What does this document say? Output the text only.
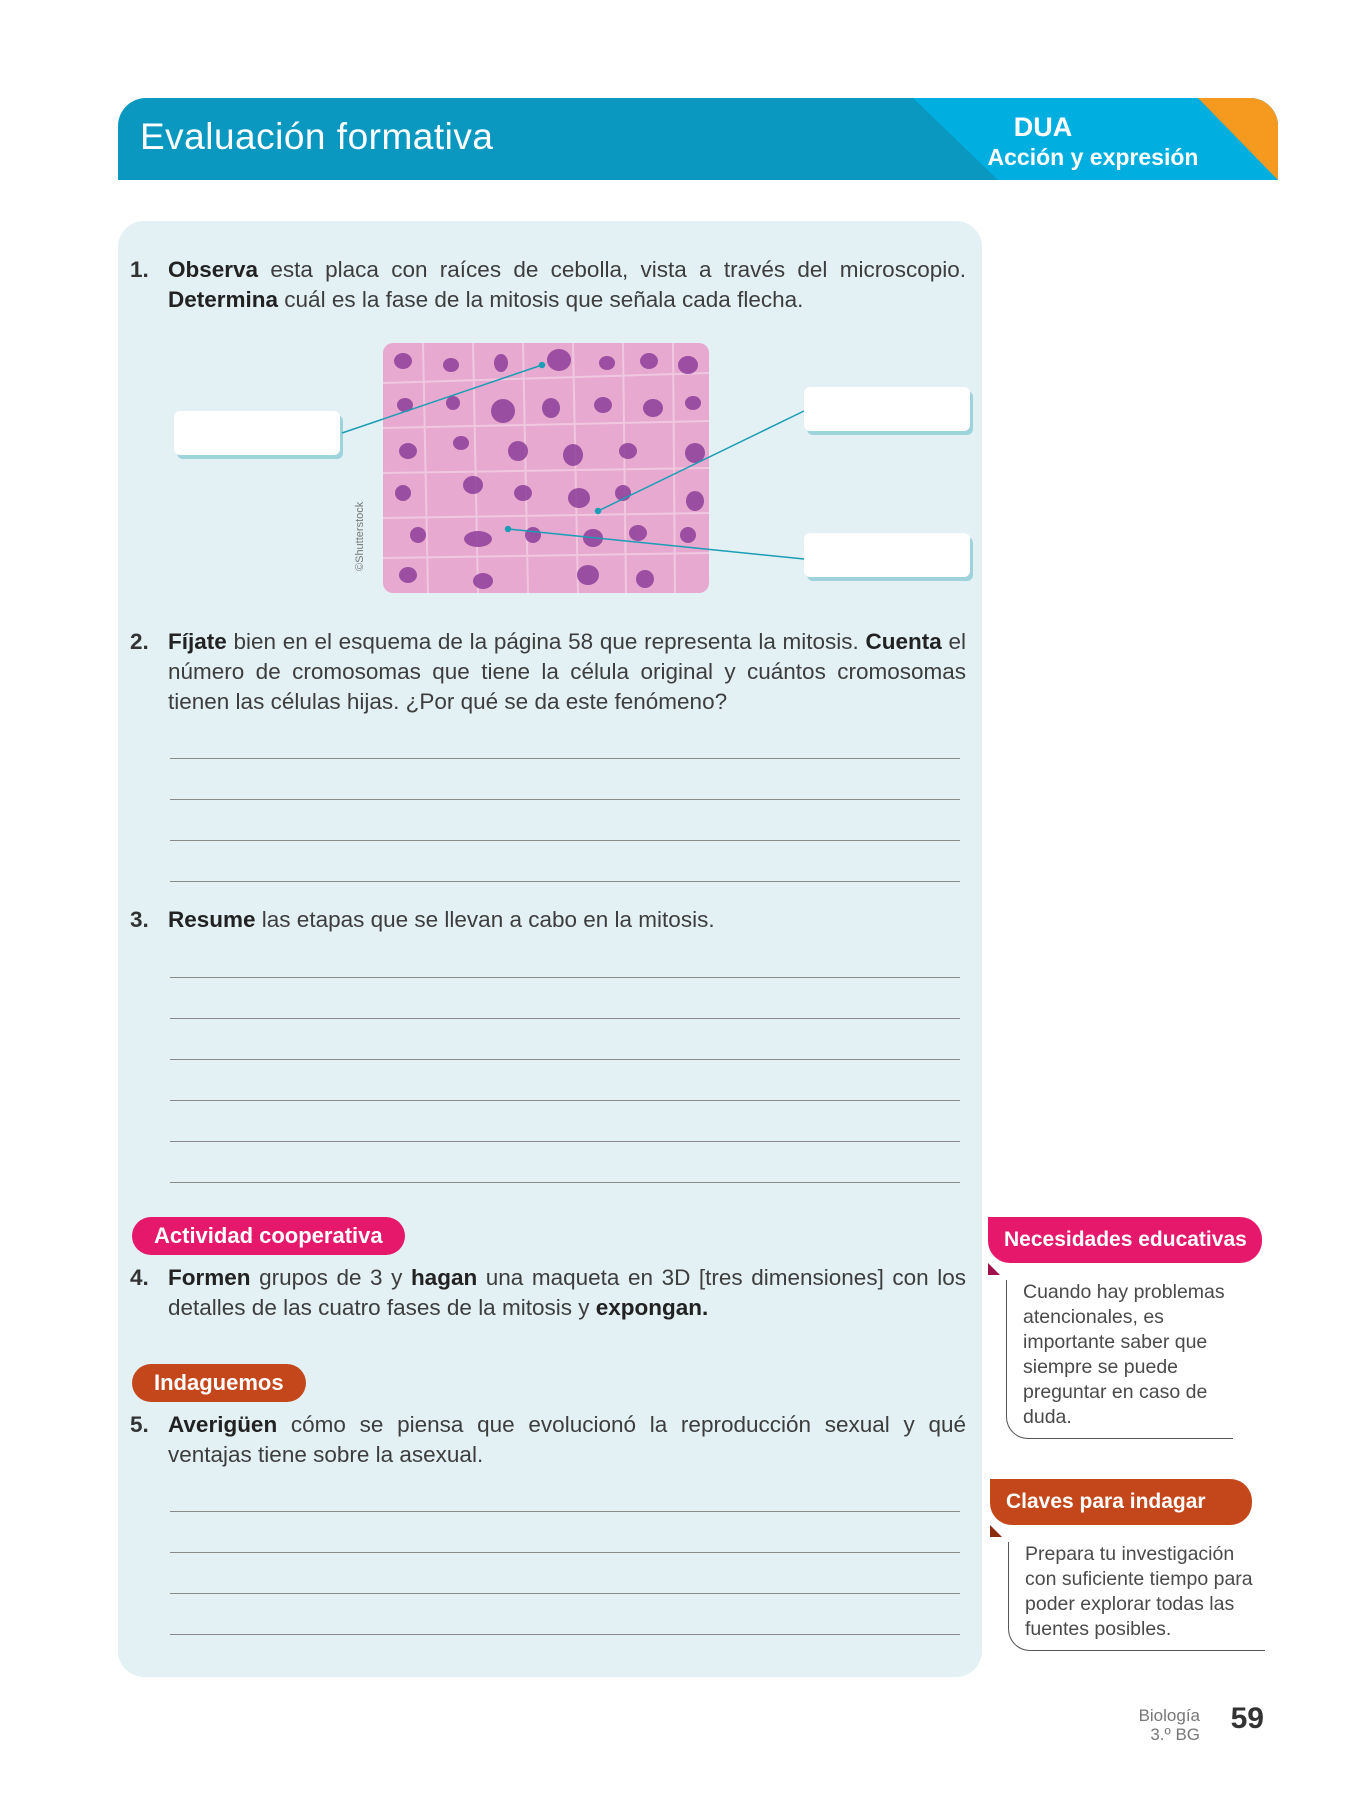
Evaluación formativa	DUA
Acción y expresión
1. Observa esta placa con raíces de cebolla, vista a través del microscopio. Determina cuál es la fase de la mitosis que señala cada flecha.
©Shutterstock
2. Fíjate bien en el esquema de la página 58 que representa la mitosis. Cuenta el número de cromosomas que tiene la célula original y cuántos cromosomas tienen las células hijas. ¿Por qué se da este fenómeno?
3. Resume las etapas que se llevan a cabo en la mitosis.
Actividad cooperativa
4. Formen grupos de 3 y hagan una maqueta en 3D [tres dimensiones] con los detalles de las cuatro fases de la mitosis y expongan.
Indaguemos
5. Averigüen cómo se piensa que evolucionó la reproducción sexual y qué ventajas tiene sobre la asexual.
Necesidades educativas
Cuando hay problemas atencionales, es importante saber que siempre se puede preguntar en caso de duda.
Claves para indagar
Prepara tu investigación con suficiente tiempo para poder explorar todas las fuentes posibles.
Biología
3.º BG 59
